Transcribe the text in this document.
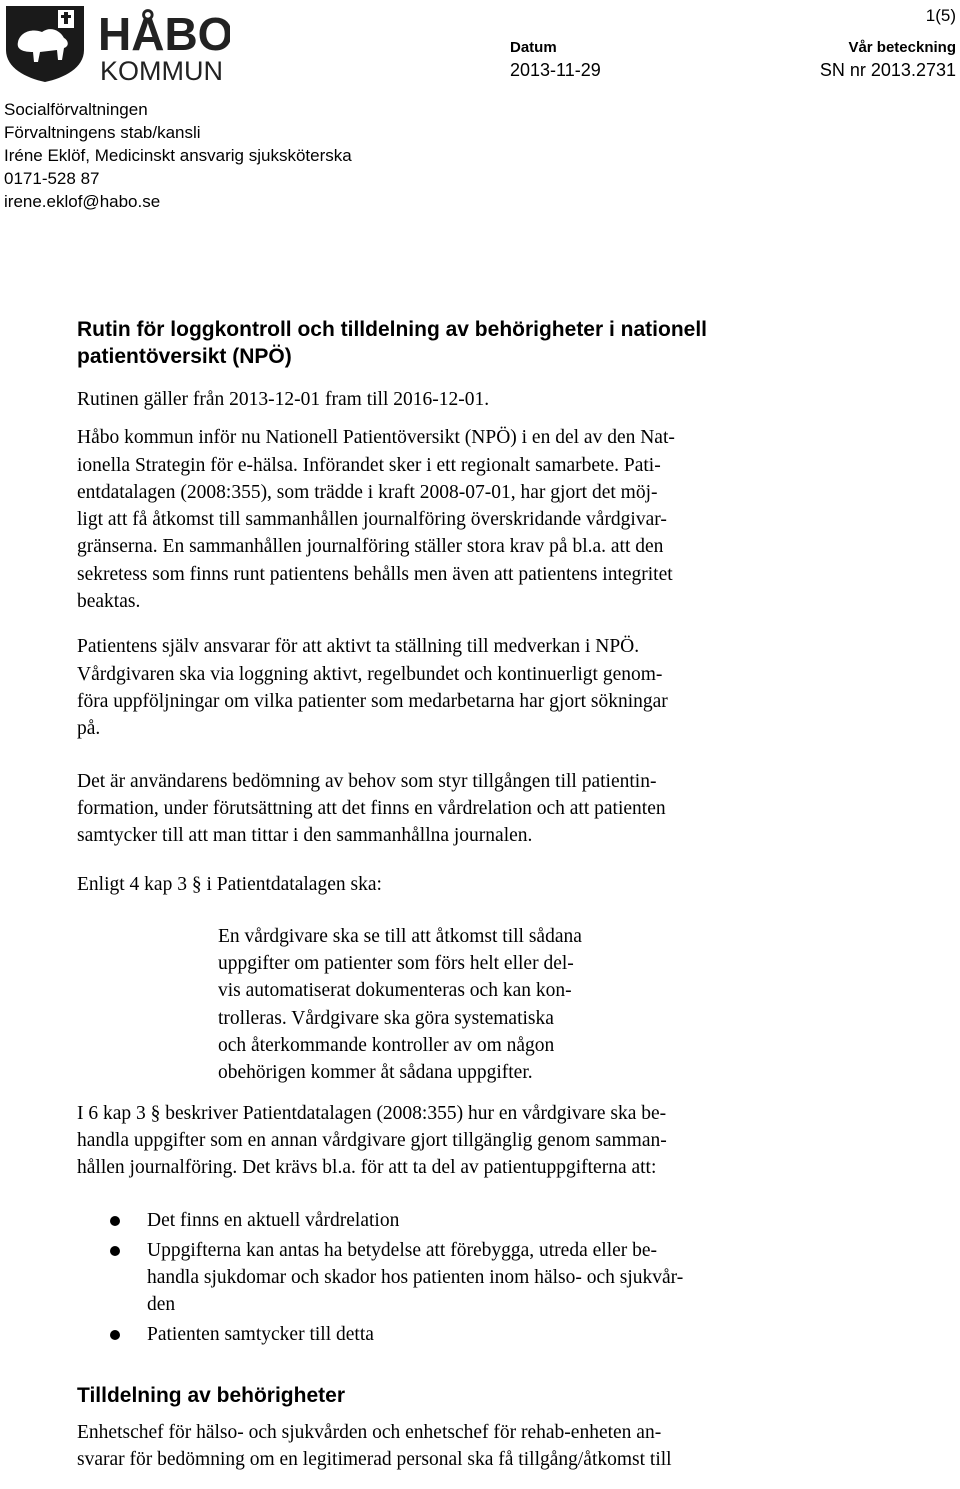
HÅBO
KOMMUN
1(5)
Datum
2013-11-29
Vår beteckning
SN nr 2013.2731
Socialförvaltningen
Förvaltningens stab/kansli
Iréne Eklöf, Medicinskt ansvarig sjuksköterska
0171-528 87
irene.eklof@habo.se
Rutin för loggkontroll och tilldelning av behörigheter i nationell
patientöversikt (NPÖ)

Rutinen gäller från 2013-12-01 fram till 2016-12-01.

Håbo kommun inför nu Nationell Patientöversikt (NPÖ) i en del av den Nat-
ionella Strategin för e-hälsa. Införandet sker i ett regionalt samarbete. Pati-
entdatalagen (2008:355), som trädde i kraft 2008-07-01, har gjort det möj-
ligt att få åtkomst till sammanhållen journalföring överskridande vårdgivar-
gränserna. En sammanhållen journalföring ställer stora krav på bl.a. att den
sekretess som finns runt patientens behålls men även att patientens integritet
beaktas.
Patientens själv ansvarar för att aktivt ta ställning till medverkan i NPÖ.
Vårdgivaren ska via loggning aktivt, regelbundet och kontinuerligt genom-
föra uppföljningar om vilka patienter som medarbetarna har gjort sökningar
på.
Det är användarens bedömning av behov som styr tillgången till patientin-
formation, under förutsättning att det finns en vårdrelation och att patienten
samtycker till att man tittar i den sammanhållna journalen.

Enligt 4 kap 3 § i Patientdatalagen ska:

En vårdgivare ska se till att åtkomst till sådana
uppgifter om patienter som förs helt eller del-
vis automatiserat dokumenteras och kan kon-
trolleras. Vårdgivare ska göra systematiska
och återkommande kontroller av om någon
obehörigen kommer åt sådana uppgifter.
I 6 kap 3 § beskriver Patientdatalagen (2008:355) hur en vårdgivare ska be-
handla uppgifter som en annan vårdgivare gjort tillgänglig genom samman-
hållen journalföring. Det krävs bl.a. för att ta del av patientuppgifterna att:
Det finns en aktuell vårdrelation
Uppgifterna kan antas ha betydelse att förebygga, utreda eller be-
handla sjukdomar och skador hos patienten inom hälso- och sjukvår-
den
Patienten samtycker till detta
Tilldelning av behörigheter
Enhetschef för hälso- och sjukvården och enhetschef för rehab-enheten an-
svarar för bedömning om en legitimerad personal ska få tillgång/åtkomst till
